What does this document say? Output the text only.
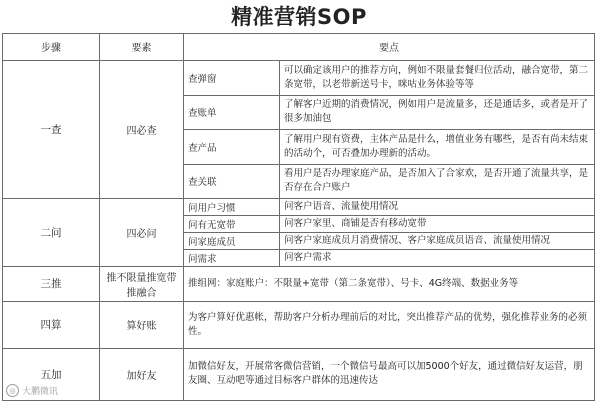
精准营销SOP
步骤	要素	要点	
一查	四必查	查弹窗	可以确定该用户的推荐方向，例如不限量套餐归位活动，融合宽带，第二条宽带，以老带新送号卡，咪咕业务体验等等
		查账单	了解客户近期的消费情况，例如用户是流量多，还是通话多，或者是开了很多加油包
		查产品	了解用户现有资费，主体产品是什么，增值业务有哪些，是否有尚未结束的活动个，可否叠加办理新的活动。
		查关联	看用户是否办理家庭产品，是否加入了合家欢，是否开通了流量共享，是否存在合户账户
二问	四必问	问用户习惯	问客户语音、流量使用情况
		问有无宽带	问客户家里、商铺是否有移动宽带
		问家庭成员	问客户家庭成员月消费情况、客户家庭成员语音、流量使用情况
		问需求	问客户需求
三推	推不限量推宽带推融合	推组网：家庭账户：不限量+宽带（第二条宽带）、号卡、4G终端、数据业务等	
四算	算好账	为客户算好优惠帐，帮助客户分析办理前后的对比，突出推荐产品的优势，强化推荐业务的必须性。	
五加	加好友	加微信好友，开展常客微信营销，一个微信号最高可以加5000个好友，通过微信好友运营，朋友圈、互动吧等通过目标客户群体的迅速传达	
◎ 大鹏微讯
